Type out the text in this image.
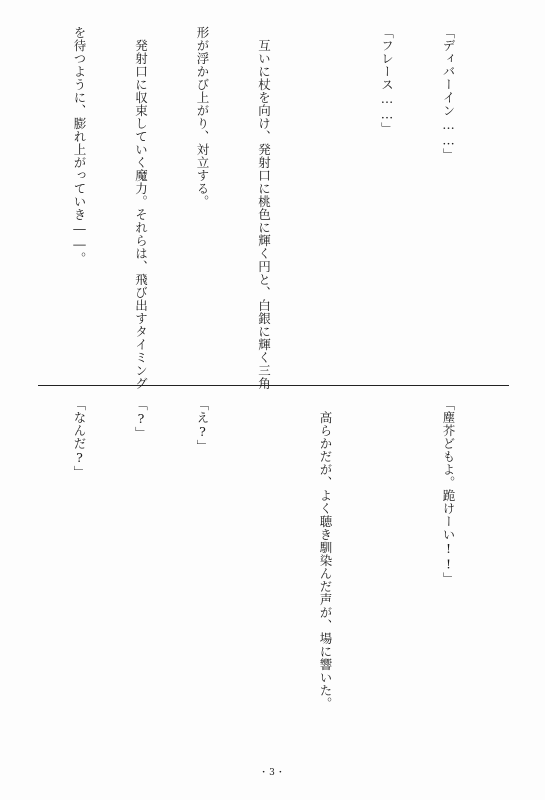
「ディバーイン……」

「フレース……」

　互いに杖を向け、発射口に桃色に輝く円と、白銀に輝く三角

形が浮かび上がり、対立する。

　発射口に収束していく魔力。それらは、飛び出すタイミング

を待つように、膨れ上がっていき――。

「塵芥どもよ。跪けーい!!」

　高らかだが、よく聴き馴染んだ声が、場に響いた。

「え?」

「?」

「なんだ?」

・3・
